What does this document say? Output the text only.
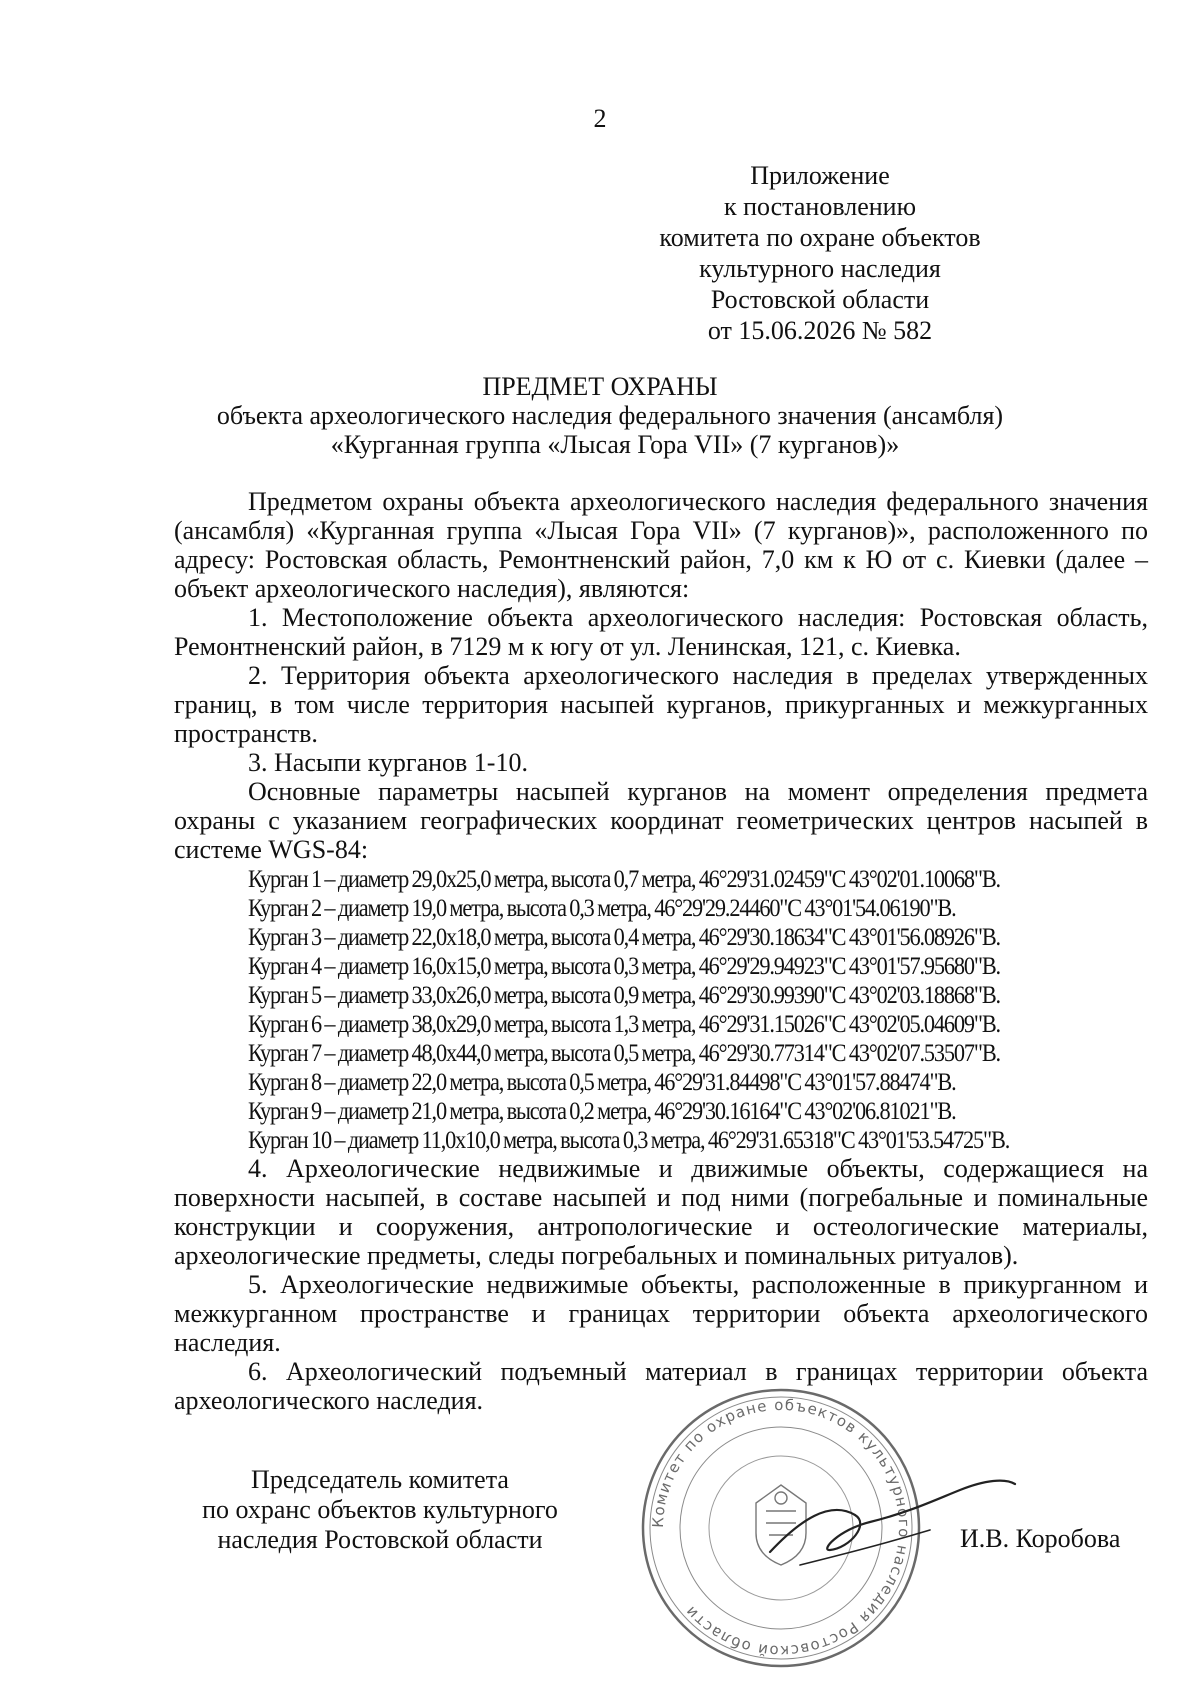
2
Приложение
к постановлению
комитета по охране объектов
культурного наследия
Ростовской области
от 15.06.2026 № 582
ПРЕДМЕТ ОХРАНЫ
объекта археологического наследия федерального значения (ансамбля)
«Курганная группа «Лысая Гора VII» (7 курганов)»

Предметом охраны объекта археологического наследия федерального значения (ансамбля) «Курганная группа «Лысая Гора VII» (7 курганов)», расположенного по адресу: Ростовская область, Ремонтненский район, 7,0 км к Ю от с. Киевки (далее – объект археологического наследия), являются:

1. Местоположение объекта археологического наследия: Ростовская область, Ремонтненский район, в 7129 м к югу от ул. Ленинская, 121, с. Киевка.

2. Территория объекта археологического наследия в пределах утвержденных границ, в том числе территория насыпей курганов, прикурганных и межкурганных пространств.

3. Насыпи курганов 1-10.

Основные параметры насыпей курганов на момент определения предмета охраны с указанием географических координат геометрических центров насыпей в системе WGS-84:

Курган 1 – диаметр 29,0x25,0 метра, высота 0,7 метра, 46°29'31.02459"С 43°02'01.10068"В.
Курган 2 – диаметр 19,0 метра, высота 0,3 метра, 46°29'29.24460"С 43°01'54.06190"В.
Курган 3 – диаметр 22,0x18,0 метра, высота 0,4 метра, 46°29'30.18634"С 43°01'56.08926"В.
Курган 4 – диаметр 16,0x15,0 метра, высота 0,3 метра, 46°29'29.94923"С 43°01'57.95680"В.
Курган 5 – диаметр 33,0x26,0 метра, высота 0,9 метра, 46°29'30.99390"С 43°02'03.18868"В.
Курган 6 – диаметр 38,0x29,0 метра, высота 1,3 метра, 46°29'31.15026"С 43°02'05.04609"В.
Курган 7 – диаметр 48,0x44,0 метра, высота 0,5 метра, 46°29'30.77314"С 43°02'07.53507"В.
Курган 8 – диаметр 22,0 метра, высота 0,5 метра, 46°29'31.84498"С 43°01'57.88474"В.
Курган 9 – диаметр 21,0 метра, высота 0,2 метра, 46°29'30.16164"С 43°02'06.81021"В.
Курган 10 – диаметр 11,0x10,0 метра, высота 0,3 метра, 46°29'31.65318"С 43°01'53.54725"В.

4. Археологические недвижимые и движимые объекты, содержащиеся на поверхности насыпей, в составе насыпей и под ними (погребальные и поминальные конструкции и сооружения, антропологические и остеологические материалы, археологические предметы, следы погребальных и поминальных ритуалов).

5. Археологические недвижимые объекты, расположенные в прикурганном и межкурганном пространстве и границах территории объекта археологического наследия.

6. Археологический подъемный материал в границах территории объекта археологического наследия.

Комитет по охране объектов культурного наследия Ростовской области
Председатель комитета
по охранс объектов культурного
наследия Ростовской области	И.В. Коробова
